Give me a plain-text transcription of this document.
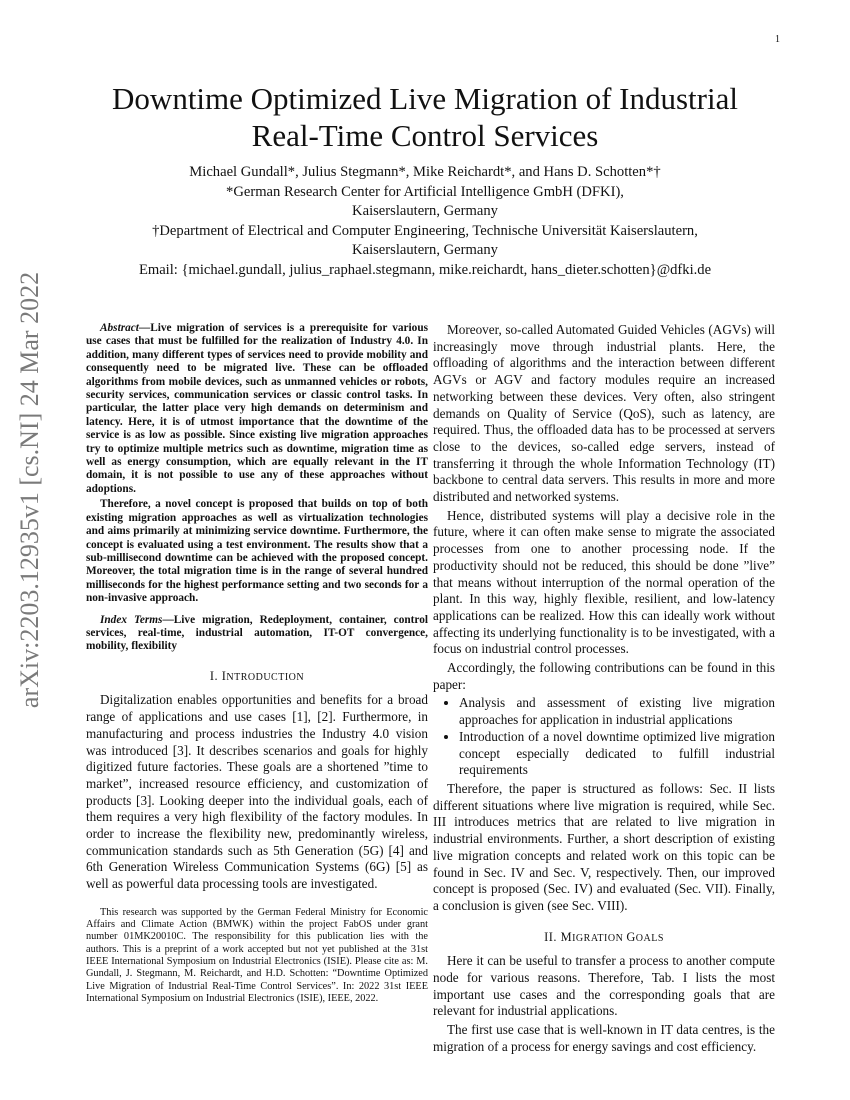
1
arXiv:2203.12935v1 [cs.NI] 24 Mar 2022
Downtime Optimized Live Migration of Industrial
Real-Time Control Services
Michael Gundall*, Julius Stegmann*, Mike Reichardt*, and Hans D. Schotten*†
*German Research Center for Artificial Intelligence GmbH (DFKI),
Kaiserslautern, Germany
†Department of Electrical and Computer Engineering, Technische Universität Kaiserslautern,
Kaiserslautern, Germany
Email: {michael.gundall, julius_raphael.stegmann, mike.reichardt, hans_dieter.schotten}@dfki.de

Abstract—Live migration of services is a prerequisite for various use cases that must be fulfilled for the realization of Industry 4.0. In addition, many different types of services need to provide mobility and consequently need to be migrated live. These can be offloaded algorithms from mobile devices, such as unmanned vehicles or robots, security services, communication services or classic control tasks. In particular, the latter place very high demands on determinism and latency. Here, it is of utmost importance that the downtime of the service is as low as possible. Since existing live migration approaches try to optimize multiple metrics such as downtime, migration time as well as energy consumption, which are equally relevant in the IT domain, it is not possible to use any of these approaches without adoptions.

Therefore, a novel concept is proposed that builds on top of both existing migration approaches as well as virtualization technologies and aims primarily at minimizing service downtime. Furthermore, the concept is evaluated using a test environment. The results show that a sub-millisecond downtime can be achieved with the proposed concept. Moreover, the total migration time is in the range of several hundred milliseconds for the highest performance setting and two seconds for a non-invasive approach.

Index Terms—Live migration, Redeployment, container, control services, real-time, industrial automation, IT-OT convergence, mobility, flexibility

I. INTRODUCTION

Digitalization enables opportunities and benefits for a broad range of applications and use cases [1], [2]. Furthermore, in manufacturing and process industries the Industry 4.0 vision was introduced [3]. It describes scenarios and goals for highly digitized future factories. These goals are a shortened ”time to market”, increased resource efficiency, and customization of products [3]. Looking deeper into the individual goals, each of them requires a very high flexibility of the factory modules. In order to increase the flexibility new, predominantly wireless, communication standards such as 5th Generation (5G) [4] and 6th Generation Wireless Communication Systems (6G) [5] as well as powerful data processing tools are investigated.

This research was supported by the German Federal Ministry for Economic Affairs and Climate Action (BMWK) within the project FabOS under grant number 01MK20010C. The responsibility for this publication lies with the authors. This is a preprint of a work accepted but not yet published at the 31st IEEE International Symposium on Industrial Electronics (ISIE). Please cite as: M. Gundall, J. Stegmann, M. Reichardt, and H.D. Schotten: “Downtime Optimized Live Migration of Industrial Real-Time Control Services”. In: 2022 31st IEEE International Symposium on Industrial Electronics (ISIE), IEEE, 2022.

Moreover, so-called Automated Guided Vehicles (AGVs) will increasingly move through industrial plants. Here, the offloading of algorithms and the interaction between different AGVs or AGV and factory modules require an increased networking between these devices. Very often, also stringent demands on Quality of Service (QoS), such as latency, are required. Thus, the offloaded data has to be processed at servers close to the devices, so-called edge servers, instead of transferring it through the whole Information Technology (IT) backbone to central data servers. This results in more and more distributed and networked systems.

Hence, distributed systems will play a decisive role in the future, where it can often make sense to migrate the associated processes from one to another processing node. If the productivity should not be reduced, this should be done ”live” that means without interruption of the normal operation of the plant. In this way, highly flexible, resilient, and low-latency applications can be realized. How this can ideally work without affecting its underlying functionality is to be investigated, with a focus on industrial control processes.

Accordingly, the following contributions can be found in this paper:

• Analysis and assessment of existing live migration approaches for application in industrial applications
• Introduction of a novel downtime optimized live migration concept especially dedicated to fulfill industrial requirements

Therefore, the paper is structured as follows: Sec. II lists different situations where live migration is required, while Sec. III introduces metrics that are related to live migration in industrial environments. Further, a short description of existing live migration concepts and related work on this topic can be found in Sec. IV and Sec. V, respectively. Then, our improved concept is proposed (Sec. IV) and evaluated (Sec. VII). Finally, a conclusion is given (see Sec. VIII).

II. MIGRATION GOALS

Here it can be useful to transfer a process to another compute node for various reasons. Therefore, Tab. I lists the most important use cases and the corresponding goals that are relevant for industrial applications.

The first use case that is well-known in IT data centres, is the migration of a process for energy savings and cost efficiency.
